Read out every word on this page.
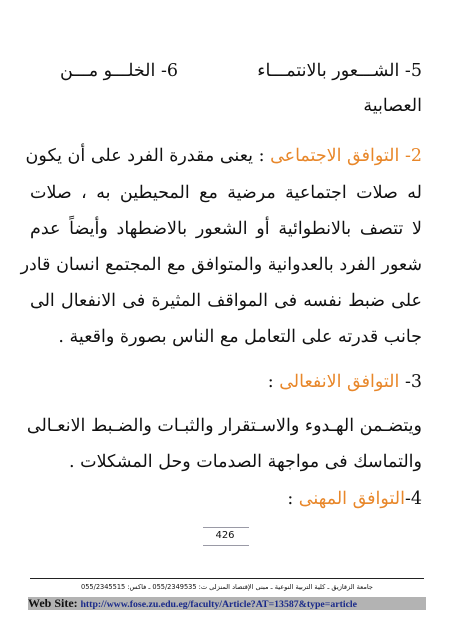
5- الشـــعور بالانتمـــاء
6- الخلـــو مـــن
العصابية
2- التوافق الاجتماعى : يعنى مقدرة الفرد على أن يكون
له صلات اجتماعية مرضية مع المحيطين به ، صلات
لا تتصف بالانطوائية أو الشعور بالاضطهاد وأيضاً عدم
شعور الفرد بالعدوانية والمتوافق مع المجتمع انسان قادر
على ضبط نفسه فى المواقف المثيرة فى الانفعال الى
جانب قدرته على التعامل مع الناس بصورة واقعية .
3- التوافق الانفعالى :
ويتضـمن الهـدوء والاسـتقرار والثبـات والضـبط الانعـالى
والتماسك فى مواجهة الصدمات وحل المشكلات .
4-التوافق المهنى :
426
جامعة الزقازيق ـ كلية التربية النوعية ـ مبنى الإقتصاد المنزلى ت: 055/2349535 ـ فاكس: 055/2345515
Web Site: http://www.fose.zu.edu.eg/faculty/Article?AT=13587&type=article
